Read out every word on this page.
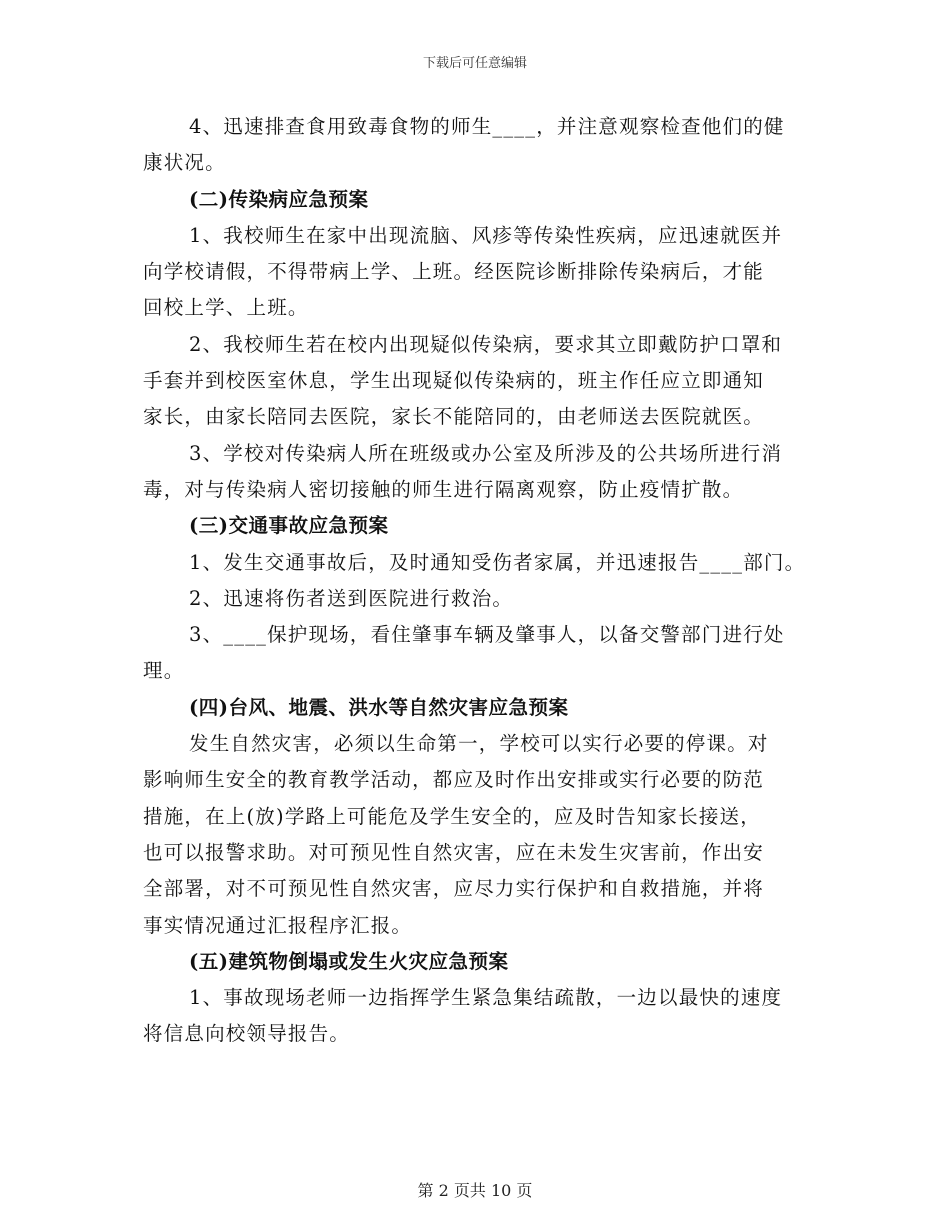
下载后可任意编辑
4、迅速排查食用致毒食物的师生____，并注意观察检查他们的健
康状况。
(二)传染病应急预案
1、我校师生在家中出现流脑、风疹等传染性疾病，应迅速就医并
向学校请假，不得带病上学、上班。经医院诊断排除传染病后，才能
回校上学、上班。
2、我校师生若在校内出现疑似传染病，要求其立即戴防护口罩和
手套并到校医室休息，学生出现疑似传染病的，班主作任应立即通知
家长，由家长陪同去医院，家长不能陪同的，由老师送去医院就医。
3、学校对传染病人所在班级或办公室及所涉及的公共场所进行消
毒，对与传染病人密切接触的师生进行隔离观察，防止疫情扩散。
(三)交通事故应急预案
1、发生交通事故后，及时通知受伤者家属，并迅速报告____部门。
2、迅速将伤者送到医院进行救治。
3、____保护现场，看住肇事车辆及肇事人，以备交警部门进行处
理。
(四)台风、地震、洪水等自然灾害应急预案
发生自然灾害，必须以生命第一，学校可以实行必要的停课。对
影响师生安全的教育教学活动，都应及时作出安排或实行必要的防范
措施，在上(放)学路上可能危及学生安全的，应及时告知家长接送，
也可以报警求助。对可预见性自然灾害，应在未发生灾害前，作出安
全部署，对不可预见性自然灾害，应尽力实行保护和自救措施，并将
事实情况通过汇报程序汇报。
(五)建筑物倒塌或发生火灾应急预案
1、事故现场老师一边指挥学生紧急集结疏散，一边以最快的速度
将信息向校领导报告。
第 2 页共 10 页
